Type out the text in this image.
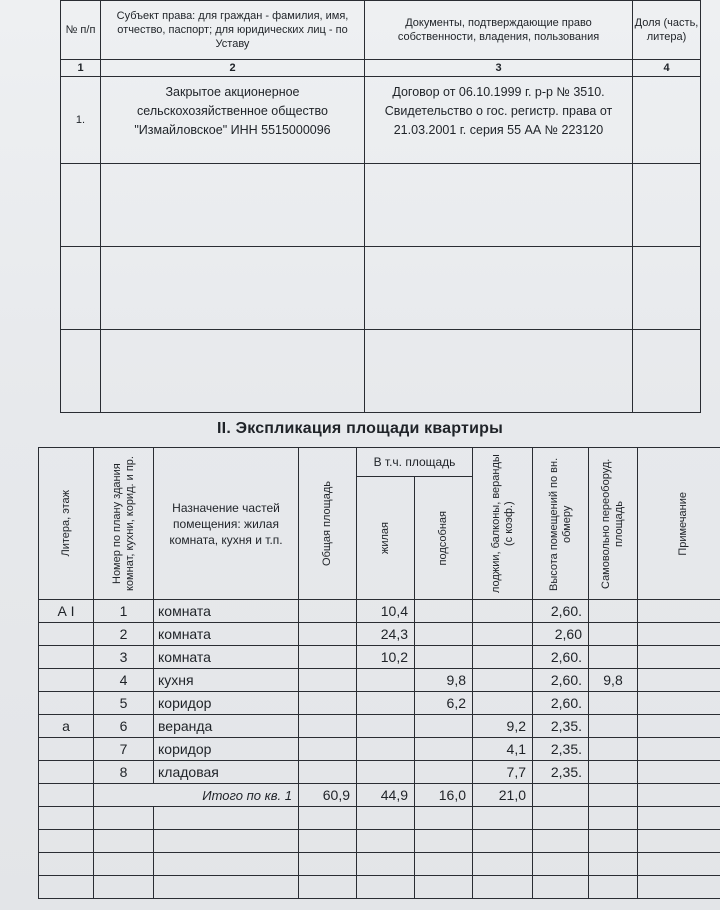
№ п/п	Субъект права: для граждан - фамилия, имя, отчество, паспорт; для юридических лиц - по Уставу	Документы, подтверждающие право собственности, владения, пользования	Доля (часть, литера)
1	2	3	4
1.	Закрытое акционерное сельскохозяйственное общество "Измайловское" ИНН 5515000096	Договор от 06.10.1999 г. р-р № 3510. Свидетельство о гос. регистр. права от 21.03.2001 г. серия 55 АА № 223120	

II. Экспликация площади квартиры
Литера, этаж	Номер по плану здания комнат, кухни, корид. и пр.	Назначение частей помещения: жилая комната, кухня и т.п.	Общая площадь	В т.ч. площадь		лоджии, балконы, веранды (с коэф.)	Высота помещений по вн. обмеру	Самовольно переоборуд. площадь	Примечание

				жилая	подсобная				

А I	1	комната		10,4			2,60.		
	2	комната		24,3			2,60		
	3	комната		10,2			2,60.		
	4	кухня			9,8		2,60.	9,8	
	5	коридор			6,2		2,60.		
а	6	веранда				9,2	2,35.		
	7	коридор				4,1	2,35.		
	8	кладовая				7,7	2,35.		
	Итого по кв. 1		60,9	44,9	16,0	21,0			
